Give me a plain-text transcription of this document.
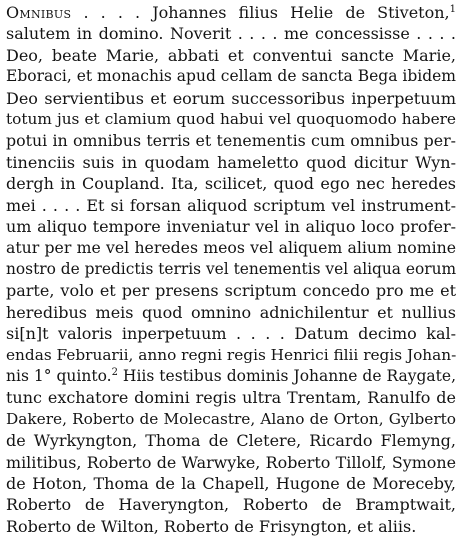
Omnibus . . . . Johannes filius Helie de Stiveton,$^1$
salutem in domino. Noverit . . . . me concessisse . . . .
Deo, beate Marie, abbati et conventui sancte Marie,
Eboraci, et monachis apud cellam de sancta Bega ibidem
Deo servientibus et eorum successoribus inperpetuum
totum jus et clamium quod habui vel quoquomodo habere
potui in omnibus terris et tenementis cum omnibus per-
tinenciis suis in quodam hameletto quod dicitur Wyn-
dergh in Coupland. Ita, scilicet, quod ego nec heredes
mei . . . . Et si forsan aliquod scriptum vel instrument-
um aliquo tempore inveniatur vel in aliquo loco profer-
atur per me vel heredes meos vel aliquem alium nomine
nostro de predictis terris vel tenementis vel aliqua eorum
parte, volo et per presens scriptum concedo pro me et
heredibus meis quod omnino adnichilentur et nullius
si[n]t valoris inperpetuum . . . . Datum decimo kal-
endas Februarii, anno regni regis Henrici filii regis Johan-
nis 1° quinto.$^2$ Hiis testibus dominis Johanne de Raygate,
tunc exchatore domini regis ultra Trentam, Ranulfo de
Dakere, Roberto de Molecastre, Alano de Orton, Gylberto
de Wyrkyngton, Thoma de Cletere, Ricardo Flemyng,
militibus, Roberto de Warwyke, Roberto Tillolf, Symone
de Hoton, Thoma de la Chapell, Hugone de Moreceby,
Roberto de Haveryngton, Roberto de Bramptwait,
Roberto de Wilton, Roberto de Frisyngton, et aliis.
